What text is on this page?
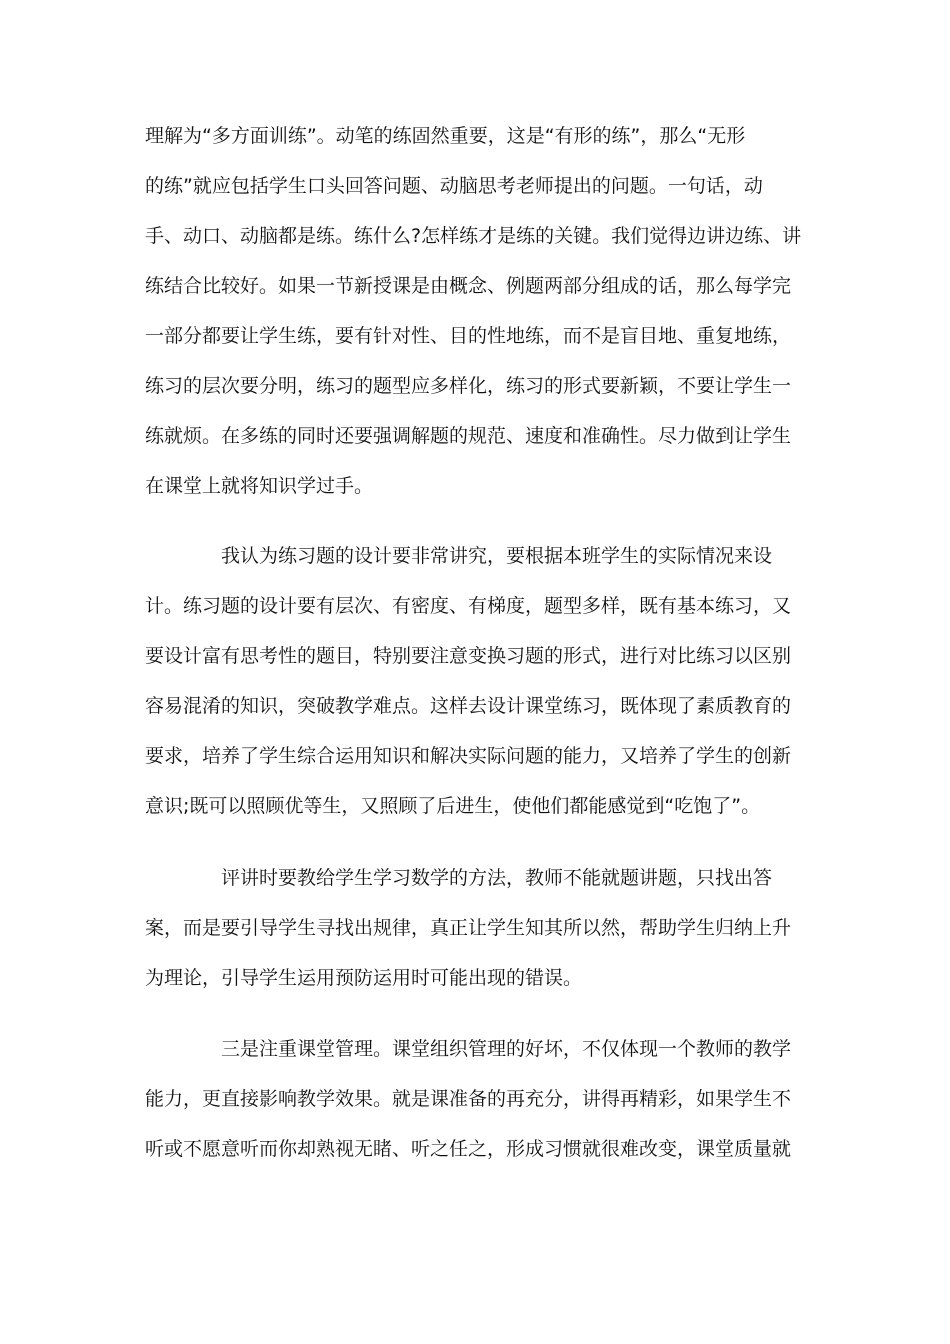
理解为“多方面训练”。动笔的练固然重要，这是“有形的练”，那么“无形
的练”就应包括学生口头回答问题、动脑思考老师提出的问题。一句话，动
手、动口、动脑都是练。练什么?怎样练才是练的关键。我们觉得边讲边练、讲
练结合比较好。如果一节新授课是由概念、例题两部分组成的话，那么每学完
一部分都要让学生练，要有针对性、目的性地练，而不是盲目地、重复地练，
练习的层次要分明，练习的题型应多样化，练习的形式要新颖，不要让学生一
练就烦。在多练的同时还要强调解题的规范、速度和准确性。尽力做到让学生
在课堂上就将知识学过手。
我认为练习题的设计要非常讲究，要根据本班学生的实际情况来设
计。练习题的设计要有层次、有密度、有梯度，题型多样，既有基本练习，又
要设计富有思考性的题目，特别要注意变换习题的形式，进行对比练习以区别
容易混淆的知识，突破教学难点。这样去设计课堂练习，既体现了素质教育的
要求，培养了学生综合运用知识和解决实际问题的能力，又培养了学生的创新
意识;既可以照顾优等生，又照顾了后进生，使他们都能感觉到“吃饱了”。
评讲时要教给学生学习数学的方法，教师不能就题讲题，只找出答
案，而是要引导学生寻找出规律，真正让学生知其所以然，帮助学生归纳上升
为理论，引导学生运用预防运用时可能出现的错误。
三是注重课堂管理。课堂组织管理的好坏，不仅体现一个教师的教学
能力，更直接影响教学效果。就是课准备的再充分，讲得再精彩，如果学生不
听或不愿意听而你却熟视无睹、听之任之，形成习惯就很难改变，课堂质量就
